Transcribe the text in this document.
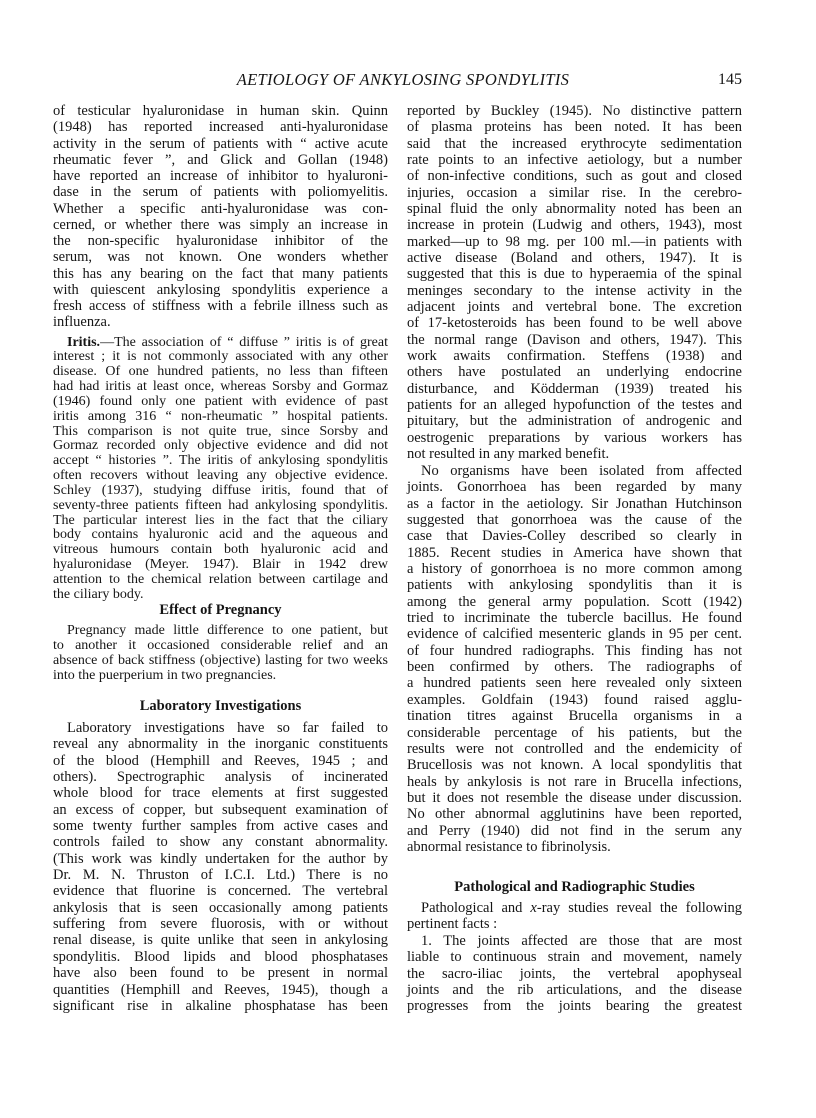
AETIOLOGY OF ANKYLOSING SPONDYLITIS	145
of testicular hyaluronidase in human skin. Quinn
(1948) has reported increased anti-hyaluronidase
activity in the serum of patients with “ active acute
rheumatic fever ”, and Glick and Gollan (1948)
have reported an increase of inhibitor to hyaluroni-
dase in the serum of patients with poliomyelitis.
Whether a specific anti-hyaluronidase was con-
cerned, or whether there was simply an increase in
the non-specific hyaluronidase inhibitor of the
serum, was not known. One wonders whether
this has any bearing on the fact that many patients
with quiescent ankylosing spondylitis experience a
fresh access of stiffness with a febrile illness such as
influenza.
Iritis.—The association of “ diffuse ” iritis is of great
interest ; it is not commonly associated with any other
disease. Of one hundred patients, no less than fifteen
had had iritis at least once, whereas Sorsby and Gormaz
(1946) found only one patient with evidence of past
iritis among 316 “ non-rheumatic ” hospital patients.
This comparison is not quite true, since Sorsby and
Gormaz recorded only objective evidence and did not
accept “ histories ”. The iritis of ankylosing spondylitis
often recovers without leaving any objective evidence.
Schley (1937), studying diffuse iritis, found that of
seventy-three patients fifteen had ankylosing spondylitis.
The particular interest lies in the fact that the ciliary
body contains hyaluronic acid and the aqueous and
vitreous humours contain both hyaluronic acid and
hyaluronidase (Meyer. 1947). Blair in 1942 drew
attention to the chemical relation between cartilage and
the ciliary body.
Effect of Pregnancy
Pregnancy made little difference to one patient, but
to another it occasioned considerable relief and an
absence of back stiffness (objective) lasting for two weeks
into the puerperium in two pregnancies.
Laboratory Investigations
Laboratory investigations have so far failed to
reveal any abnormality in the inorganic constituents
of the blood (Hemphill and Reeves, 1945 ; and
others). Spectrographic analysis of incinerated
whole blood for trace elements at first suggested
an excess of copper, but subsequent examination of
some twenty further samples from active cases and
controls failed to show any constant abnormality.
(This work was kindly undertaken for the author by
Dr. M. N. Thruston of I.C.I. Ltd.) There is no
evidence that fluorine is concerned. The vertebral
ankylosis that is seen occasionally among patients
suffering from severe fluorosis, with or without
renal disease, is quite unlike that seen in ankylosing
spondylitis. Blood lipids and blood phosphatases
have also been found to be present in normal
quantities (Hemphill and Reeves, 1945), though a
significant rise in alkaline phosphatase has been
reported by Buckley (1945). No distinctive pattern
of plasma proteins has been noted. It has been
said that the increased erythrocyte sedimentation
rate points to an infective aetiology, but a number
of non-infective conditions, such as gout and closed
injuries, occasion a similar rise. In the cerebro-
spinal fluid the only abnormality noted has been an
increase in protein (Ludwig and others, 1943), most
marked—up to 98 mg. per 100 ml.—in patients with
active disease (Boland and others, 1947). It is
suggested that this is due to hyperaemia of the spinal
meninges secondary to the intense activity in the
adjacent joints and vertebral bone. The excretion
of 17-ketosteroids has been found to be well above
the normal range (Davison and others, 1947). This
work awaits confirmation. Steffens (1938) and
others have postulated an underlying endocrine
disturbance, and Ködderman (1939) treated his
patients for an alleged hypofunction of the testes and
pituitary, but the administration of androgenic and
oestrogenic preparations by various workers has
not resulted in any marked benefit.
No organisms have been isolated from affected
joints. Gonorrhoea has been regarded by many
as a factor in the aetiology. Sir Jonathan Hutchinson
suggested that gonorrhoea was the cause of the
case that Davies-Colley described so clearly in
1885. Recent studies in America have shown that
a history of gonorrhoea is no more common among
patients with ankylosing spondylitis than it is
among the general army population. Scott (1942)
tried to incriminate the tubercle bacillus. He found
evidence of calcified mesenteric glands in 95 per cent.
of four hundred radiographs. This finding has not
been confirmed by others. The radiographs of
a hundred patients seen here revealed only sixteen
examples. Goldfain (1943) found raised agglu-
tination titres against Brucella organisms in a
considerable percentage of his patients, but the
results were not controlled and the endemicity of
Brucellosis was not known. A local spondylitis that
heals by ankylosis is not rare in Brucella infections,
but it does not resemble the disease under discussion.
No other abnormal agglutinins have been reported,
and Perry (1940) did not find in the serum any
abnormal resistance to fibrinolysis.
Pathological and Radiographic Studies
Pathological and x-ray studies reveal the following
pertinent facts :
1. The joints affected are those that are most
liable to continuous strain and movement, namely
the sacro-iliac joints, the vertebral apophyseal
joints and the rib articulations, and the disease
progresses from the joints bearing the greatest
